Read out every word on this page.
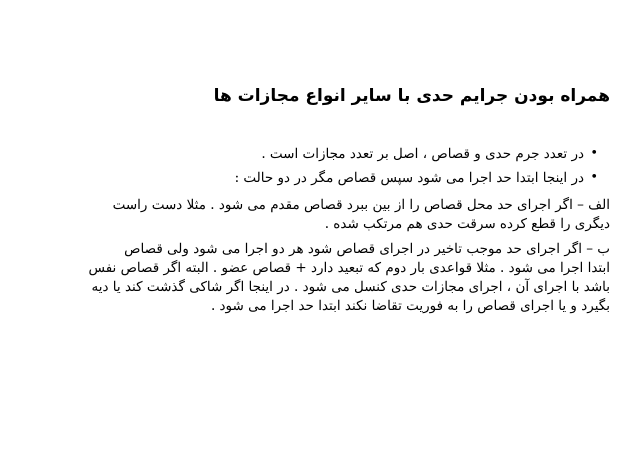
همراه بودن جرایم حدی با سایر انواع مجازات ها
•
در تعدد جرم حدی و قصاص ، اصل بر تعدد مجازات است .
•
در اینجا ابتدا حد اجرا می شود سپس قصاص مگر در دو حالت :
الف – اگر اجرای حد محل قصاص را از بین ببرد قصاص مقدم می شود . مثلا دست راست
دیگری را قطع کرده سرقت حدی هم مرتکب شده .
ب – اگر اجرای حد موجب تاخیر در اجرای قصاص شود هر دو اجرا می شود ولی قصاص
ابتدا اجرا می شود . مثلا قواعدی بار دوم که تبعید دارد + قصاص عضو . البته اگر قصاص نفس
باشد با اجرای آن ، اجرای مجازات حدی کنسل می شود . در اینجا اگر شاکی گذشت کند یا دیه
بگیرد و یا اجرای قصاص را به فوریت تقاضا نکند ابتدا حد اجرا می شود .
